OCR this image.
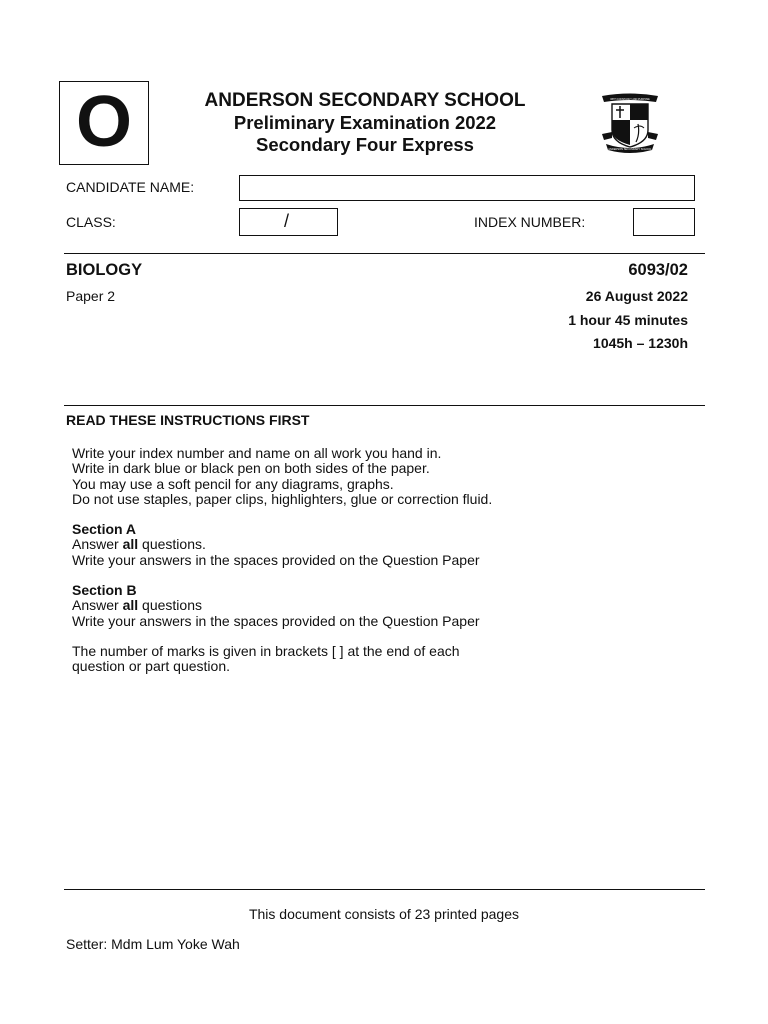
O	ANDERSON SECONDARY SCHOOL
Preliminary Examination 2022
Secondary Four Express
WITH CONSTANCY AND PURPOSE
ANDERSON SECONDARY SCHOOL
CANDIDATE NAME:
CLASS:	/	INDEX NUMBER:
BIOLOGY	6093/02
Paper 2	26 August 2022
1 hour 45 minutes
1045h – 1230h
READ THESE INSTRUCTIONS FIRST

Write your index number and name on all work you hand in.

Write in dark blue or black pen on both sides of the paper.

You may use a soft pencil for any diagrams, graphs.

Do not use staples, paper clips, highlighters, glue or correction fluid.

Section A

Answer all questions.

Write your answers in the spaces provided on the Question Paper

Section B

Answer all questions

Write your answers in the spaces provided on the Question Paper

The number of marks is given in brackets [ ] at the end of each

question or part question.

This document consists of 23 printed pages
Setter: Mdm Lum Yoke Wah
